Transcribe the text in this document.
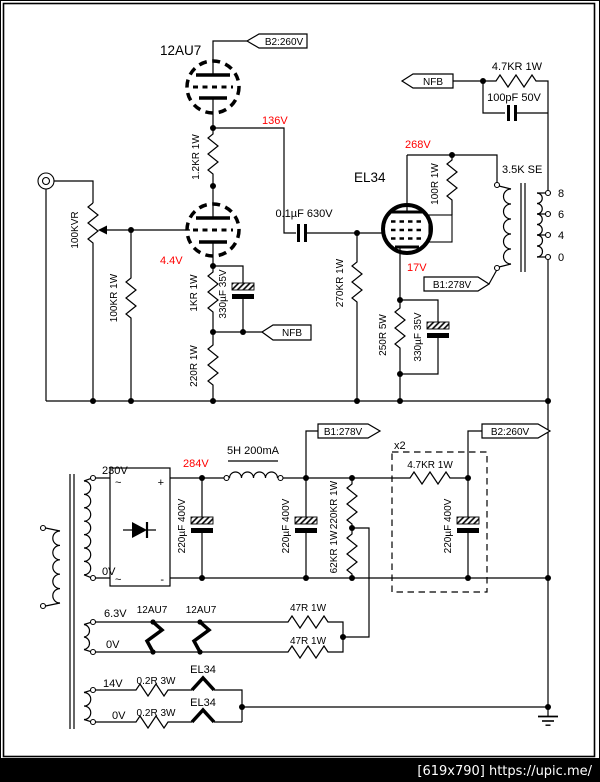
100KVR
100KR 1W
12AU7
B2:260V
1.2KR 1W
136V
4.4V
1KR 1W 330µF 35V
NFB
220R 1W
0.1µF 630V
270KR 1W
EL34
268V
17V
100R 1W
250R 5W 330µF 35V
NFB
4.7KR 1W
100pF 50V
3.5K SE
8
6
4
0
B1:278V
230V
0V
~	+
~	-
284V
5H 200mA
220µF 400V	220µF 400V	220µF 400V
x2
4.7KR 1W
220KR 1W
62KR 1W
B1:278V	B2:260V
6.3V
0V
12AU7 12AU7	47R 1W
47R 1W
14V 0.2R 3W
EL34
0V 0.2R 3W
EL34
[619x790] https://upic.me/
